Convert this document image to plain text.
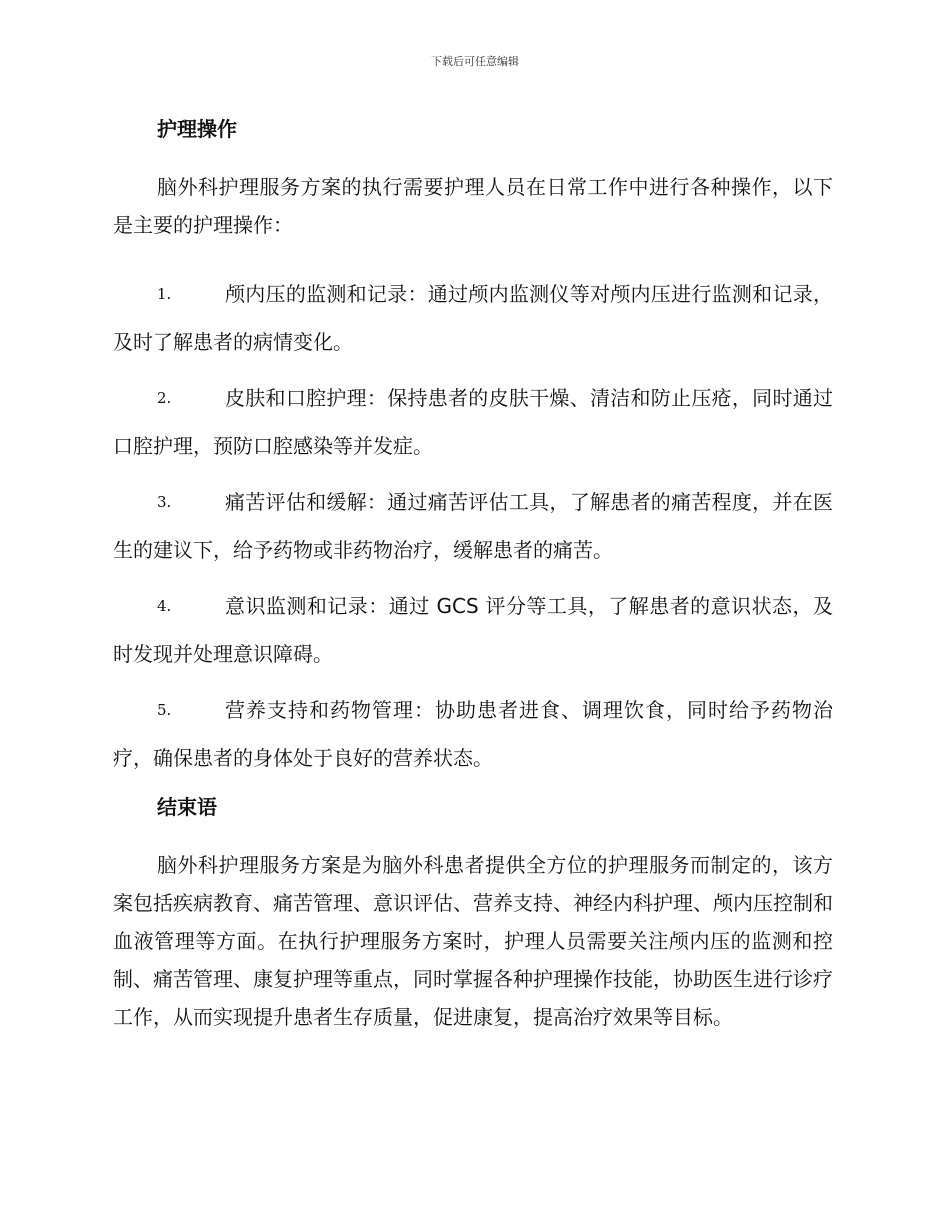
下载后可任意编辑
护理操作

脑外科护理服务方案的执行需要护理人员在日常工作中进行各种操作，以下是主要的护理操作：

1.	颅内压的监测和记录：通过颅内监测仪等对颅内压进行监测和记录，及时了解患者的病情变化。
2.	皮肤和口腔护理：保持患者的皮肤干燥、清洁和防止压疮，同时通过口腔护理，预防口腔感染等并发症。
3.	痛苦评估和缓解：通过痛苦评估工具，了解患者的痛苦程度，并在医生的建议下，给予药物或非药物治疗，缓解患者的痛苦。
4.	意识监测和记录：通过 GCS 评分等工具，了解患者的意识状态，及时发现并处理意识障碍。
5.	营养支持和药物管理：协助患者进食、调理饮食，同时给予药物治疗，确保患者的身体处于良好的营养状态。
结束语

脑外科护理服务方案是为脑外科患者提供全方位的护理服务而制定的，该方案包括疾病教育、痛苦管理、意识评估、营养支持、神经内科护理、颅内压控制和血液管理等方面。在执行护理服务方案时，护理人员需要关注颅内压的监测和控制、痛苦管理、康复护理等重点，同时掌握各种护理操作技能，协助医生进行诊疗工作，从而实现提升患者生存质量，促进康复，提高治疗效果等目标。
